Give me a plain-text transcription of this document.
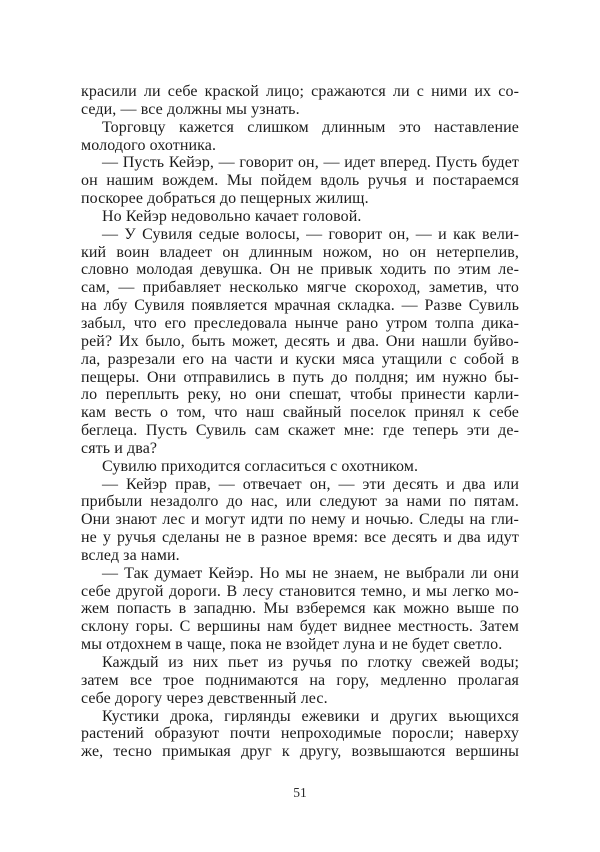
красили ли себе краской лицо; сражаются ли с ними их со-
седи, — все должны мы узнать.
Торговцу кажется слишком длинным это наставление
молодого охотника.
— Пусть Кейэр, — говорит он, — идет вперед. Пусть будет
он нашим вождем. Мы пойдем вдоль ручья и постараемся
поскорее добраться до пещерных жилищ.
Но Кейэр недовольно качает головой.
— У Сувиля седые волосы, — говорит он, — и как вели-
кий воин владеет он длинным ножом, но он нетерпелив,
словно молодая девушка. Он не привык ходить по этим ле-
сам, — прибавляет несколько мягче скороход, заметив, что
на лбу Сувиля появляется мрачная складка. — Разве Сувиль
забыл, что его преследовала нынче рано утром толпа дика-
рей? Их было, быть может, десять и два. Они нашли буйво-
ла, разрезали его на части и куски мяса утащили с собой в
пещеры. Они отправились в путь до полдня; им нужно бы-
ло переплыть реку, но они спешат, чтобы принести карли-
кам весть о том, что наш свайный поселок принял к себе
беглеца. Пусть Сувиль сам скажет мне: где теперь эти де-
сять и два?
Сувилю приходится согласиться с охотником.
— Кейэр прав, — отвечает он, — эти десять и два или
прибыли незадолго до нас, или следуют за нами по пятам.
Они знают лес и могут идти по нему и ночью. Следы на гли-
не у ручья сделаны не в разное время: все десять и два идут
вслед за нами.
— Так думает Кейэр. Но мы не знаем, не выбрали ли они
себе другой дороги. В лесу становится темно, и мы легко мо-
жем попасть в западню. Мы взберемся как можно выше по
склону горы. С вершины нам будет виднее местность. Затем
мы отдохнем в чаще, пока не взойдет луна и не будет светло.
Каждый из них пьет из ручья по глотку свежей воды;
затем все трое поднимаются на гору, медленно пролагая
себе дорогу через девственный лес.
Кустики дрока, гирлянды ежевики и других вьющихся
растений образуют почти непроходимые поросли; наверху
же, тесно примыкая друг к другу, возвышаются вершины
51
